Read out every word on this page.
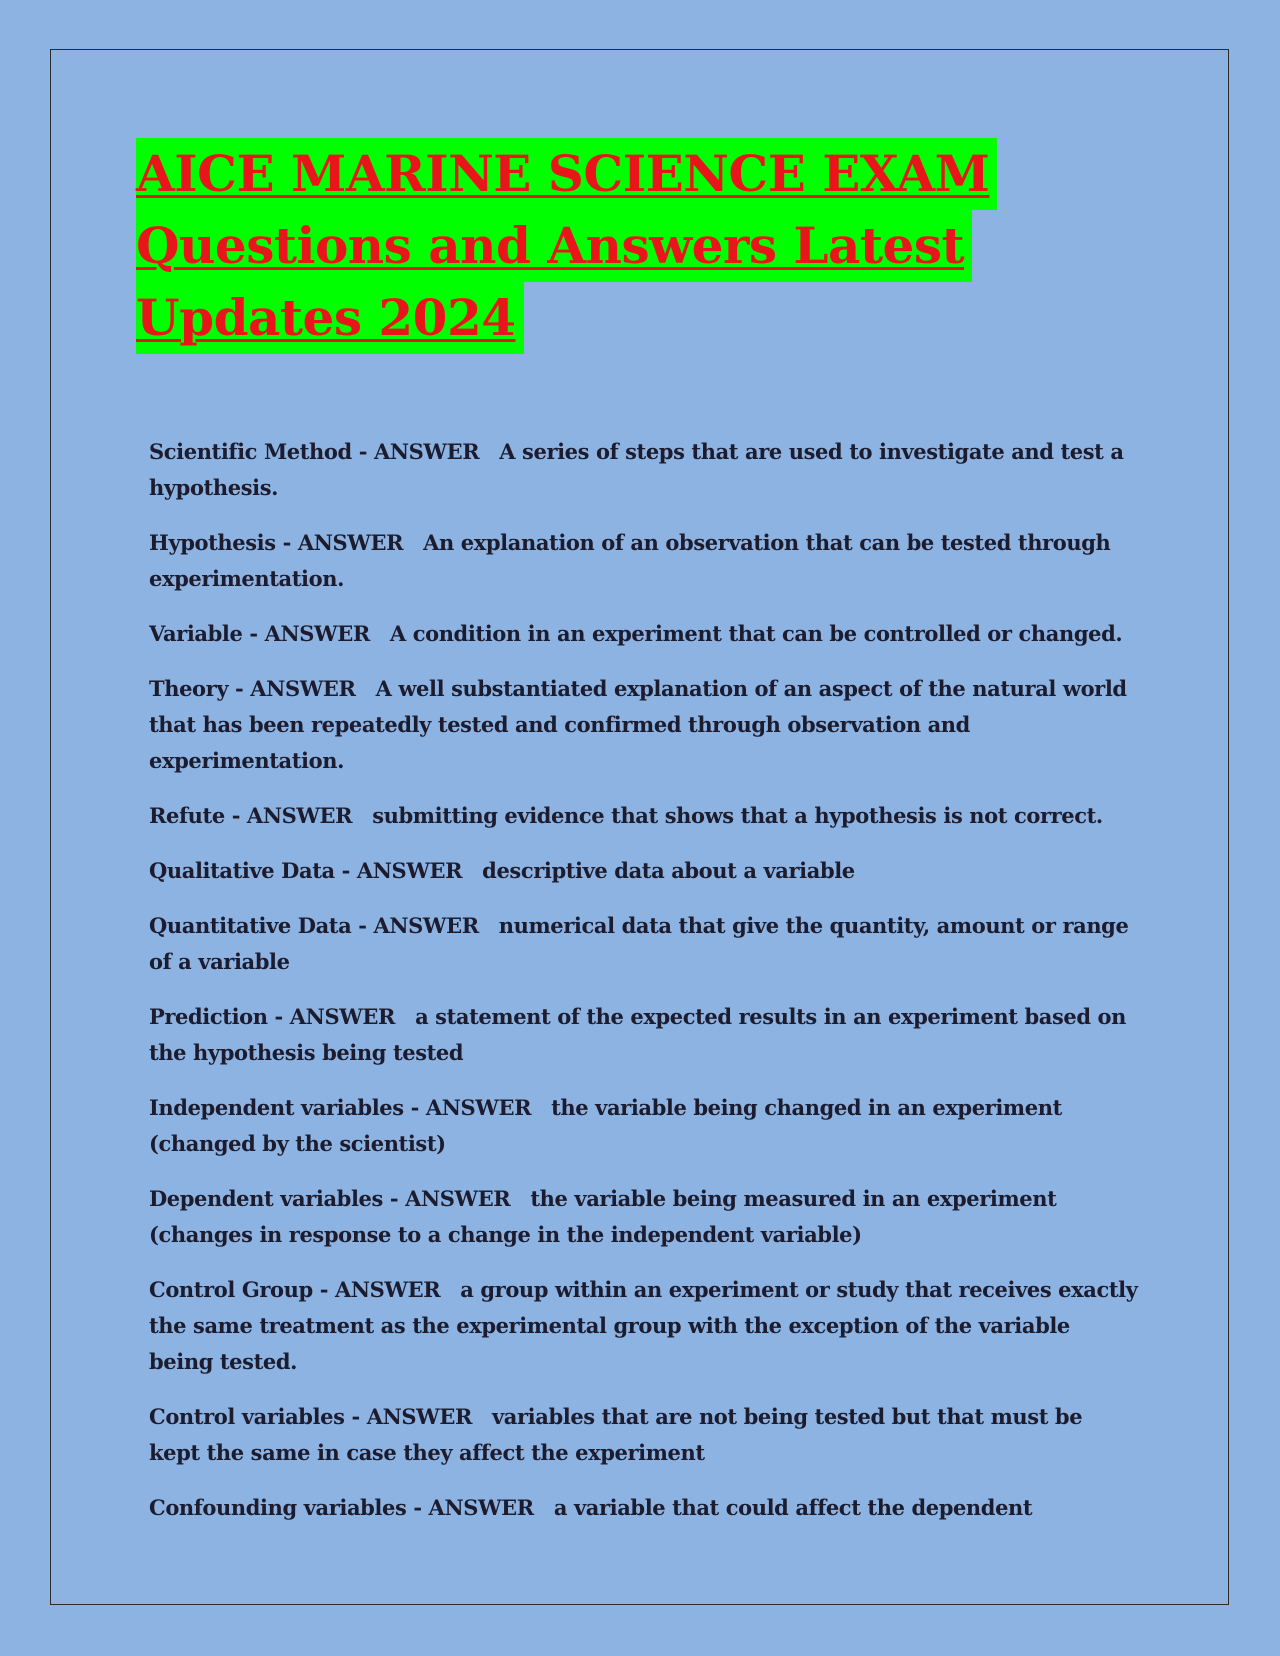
AICE MARINE SCIENCE EXAM
Questions and Answers Latest
Updates 2024
Scientific Method - ANSWER A series of steps that are used to investigate and test a hypothesis.
Hypothesis - ANSWER An explanation of an observation that can be tested through experimentation.
Variable - ANSWER A condition in an experiment that can be controlled or changed.
Theory - ANSWER A well substantiated explanation of an aspect of the natural world that has been repeatedly tested and confirmed through observation and experimentation.
Refute - ANSWER submitting evidence that shows that a hypothesis is not correct.
Qualitative Data - ANSWER descriptive data about a variable
Quantitative Data - ANSWER numerical data that give the quantity, amount or range of a variable
Prediction - ANSWER a statement of the expected results in an experiment based on the hypothesis being tested
Independent variables - ANSWER the variable being changed in an experiment (changed by the scientist)
Dependent variables - ANSWER the variable being measured in an experiment (changes in response to a change in the independent variable)
Control Group - ANSWER a group within an experiment or study that receives exactly the same treatment as the experimental group with the exception of the variable being tested.
Control variables - ANSWER variables that are not being tested but that must be kept the same in case they affect the experiment
Confounding variables - ANSWER a variable that could affect the dependent
